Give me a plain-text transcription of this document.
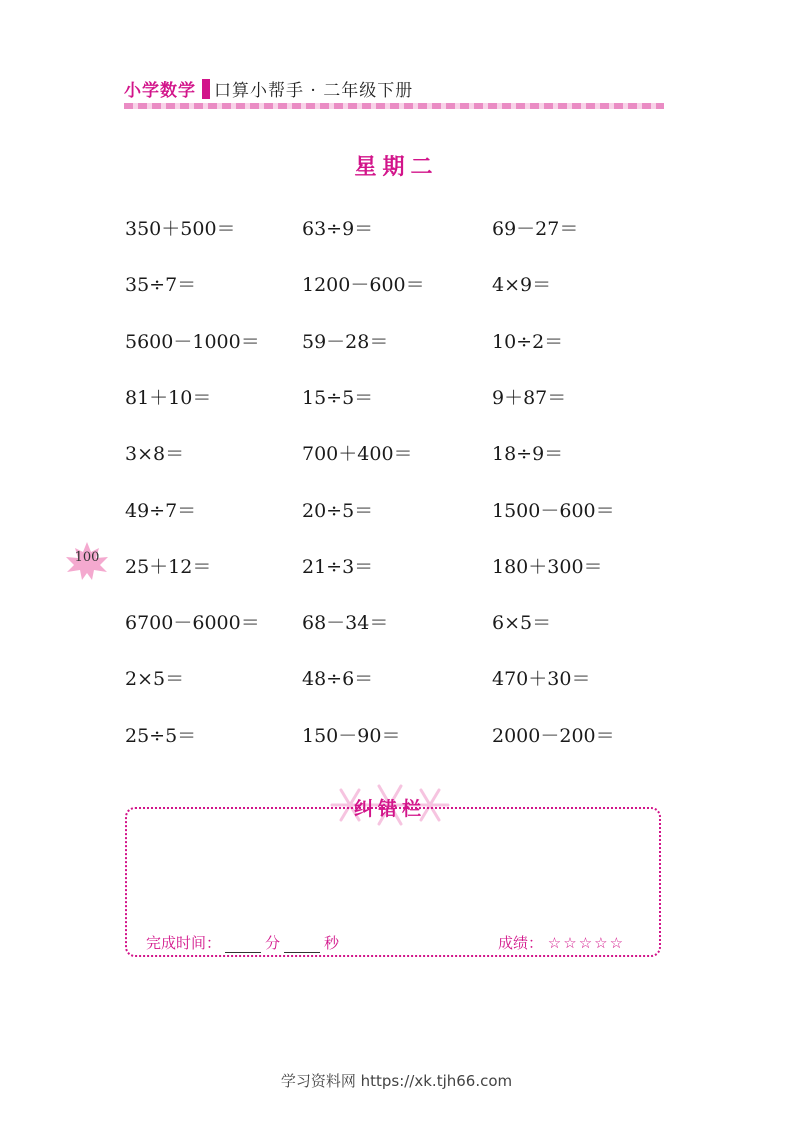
小学数学 口算小帮手 · 二年级下册
星期二
350＋500＝	63÷9＝	69－27＝
35÷7＝	1200－600＝	4×9＝
5600－1000＝ 59－28＝	10÷2＝
81＋10＝	15÷5＝	9＋87＝
3×8＝	700＋400＝	18÷9＝
49÷7＝	20÷5＝	1500－600＝
25＋12＝	21÷3＝	180＋300＝
6700－6000＝ 68－34＝	6×5＝
2×5＝	48÷6＝	470＋30＝
25÷5＝	150－90＝	2000－200＝
100
纠错栏
完成时间：	分	秒	成绩： ☆☆☆☆☆
学习资料网 https://xk.tjh66.com
